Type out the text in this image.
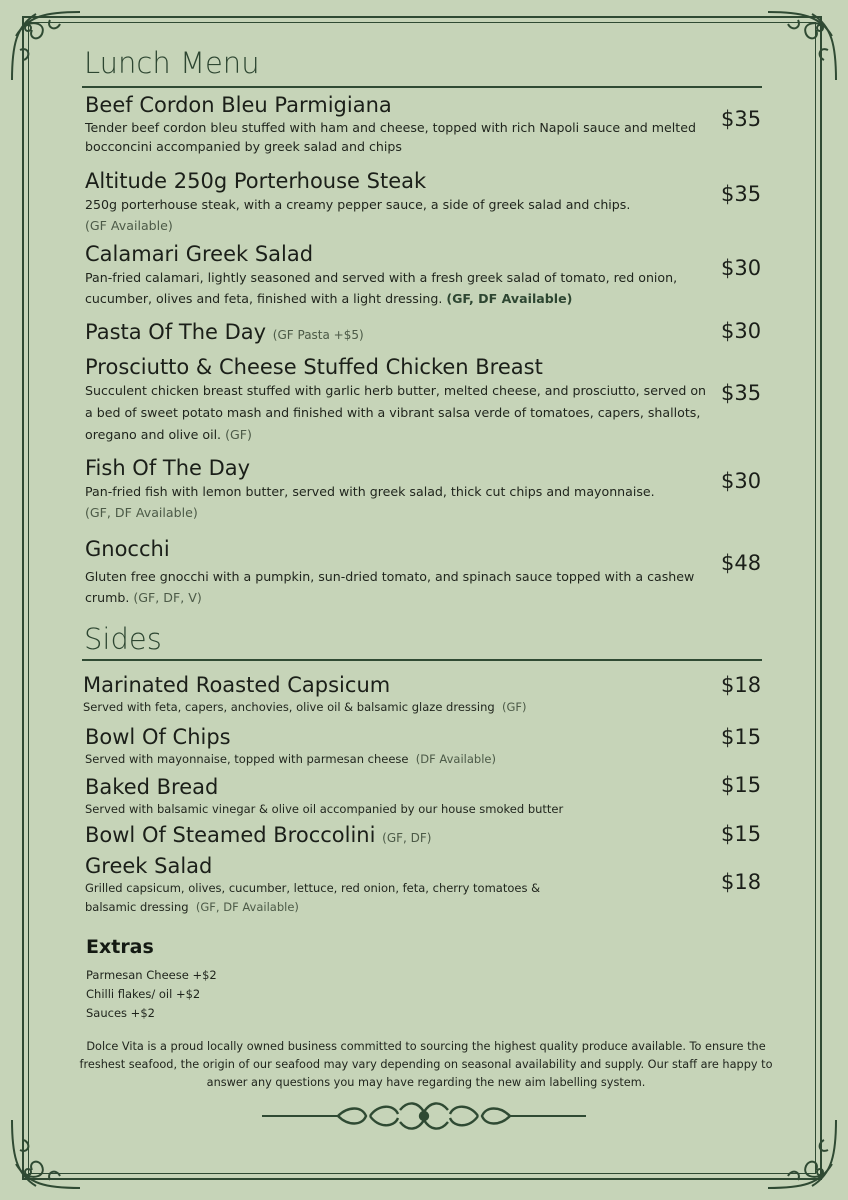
Lunch Menu
Beef Cordon Bleu Parmigiana
Tender beef cordon bleu stuffed with ham and cheese, topped with rich Napoli sauce and melted bocconcini accompanied by greek salad and chips
$35
Altitude 250g Porterhouse Steak
250g porterhouse steak, with a creamy pepper sauce, a side of greek salad and chips.
(GF Available)
$35
Calamari Greek Salad
Pan-fried calamari, lightly seasoned and served with a fresh greek salad of tomato, red onion, cucumber, olives and feta, finished with a light dressing. (GF, DF Available)
$30
Pasta Of The Day (GF Pasta +$5)	$30
Prosciutto & Cheese Stuffed Chicken Breast
Succulent chicken breast stuffed with garlic herb butter, melted cheese, and prosciutto, served on a bed of sweet potato mash and finished with a vibrant salsa verde of tomatoes, capers, shallots, oregano and olive oil. (GF)
$35
Fish Of The Day
Pan-fried fish with lemon butter, served with greek salad, thick cut chips and mayonnaise.
(GF, DF Available)
$30
Gnocchi
Gluten free gnocchi with a pumpkin, sun-dried tomato, and spinach sauce topped with a cashew crumb. (GF, DF, V)
$48
Sides
Marinated Roasted Capsicum
Served with feta, capers, anchovies, olive oil & balsamic glaze dressing (GF)
$18
Bowl Of Chips
Served with mayonnaise, topped with parmesan cheese (DF Available)
$15
Baked Bread
Served with balsamic vinegar & olive oil accompanied by our house smoked butter
$15
Bowl Of Steamed Broccolini (GF, DF)	$15
Greek Salad
Grilled capsicum, olives, cucumber, lettuce, red onion, feta, cherry tomatoes & balsamic dressing (GF, DF Available)
$18
Extras
Parmesan Cheese +$2
Chilli flakes/ oil +$2
Sauces +$2
Dolce Vita is a proud locally owned business committed to sourcing the highest quality produce available. To ensure the freshest seafood, the origin of our seafood may vary depending on seasonal availability and supply. Our staff are happy to answer any questions you may have regarding the new aim labelling system.
